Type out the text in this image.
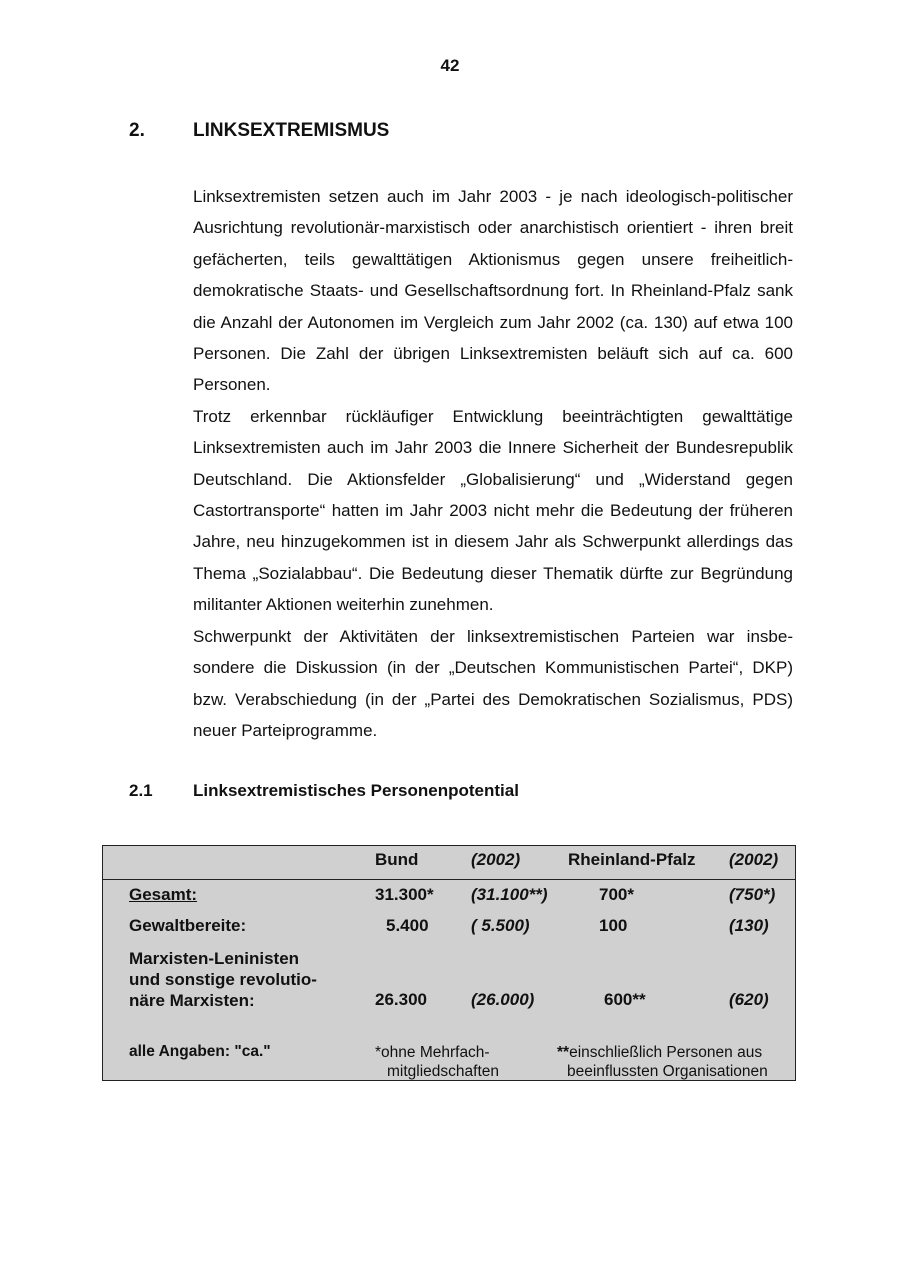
42
2.	LINKSEXTREMISMUS

Linksextremisten setzen auch im Jahr 2003 - je nach ideologisch-politischer Ausrichtung revolutionär-marxistisch oder anarchistisch orientiert - ihren breit gefächerten, teils gewalttätigen Aktionismus gegen unsere freiheitlich-demokratische Staats- und Gesellschaftsordnung fort. In Rheinland-Pfalz sank die Anzahl der Autonomen im Vergleich zum Jahr 2002 (ca. 130) auf etwa 100 Personen. Die Zahl der übrigen Linksextremisten beläuft sich auf ca. 600 Personen.

Trotz erkennbar rückläufiger Entwicklung beeinträchtigten gewalttätige Linksextremisten auch im Jahr 2003 die Innere Sicherheit der Bundesrepublik Deutschland. Die Aktionsfelder „Globalisierung“ und „Widerstand gegen Castortransporte“ hatten im Jahr 2003 nicht mehr die Bedeutung der früheren Jahre, neu hinzugekommen ist in diesem Jahr als Schwerpunkt allerdings das Thema „Sozialabbau“. Die Bedeutung dieser Thematik dürfte zur Begründung militanter Aktionen weiterhin zunehmen.

Schwerpunkt der Aktivitäten der linksextremistischen Parteien war insbesondere die Diskussion (in der „Deutschen Kommunistischen Partei“, DKP) bzw. Verabschiedung (in der „Partei des Demokratischen Sozialismus, PDS) neuer Parteiprogramme.

2.1 Linksextremistisches Personenpotential
Bund	(2002)	Rheinland-Pfalz (2002)
Gesamt:	31.300* (31.100**)	700*	(750*)
Gewaltbereite:	5.400 ( 5.500)	100	(130)
Marxisten-Leninisten
und sonstige revolutio-
näre Marxisten:	26.300	(26.000)	600**	(620)
alle Angaben: "ca."	*ohne Mehrfach-
mitgliedschaften
**einschließlich Personen aus
beeinflussten Organisationen
